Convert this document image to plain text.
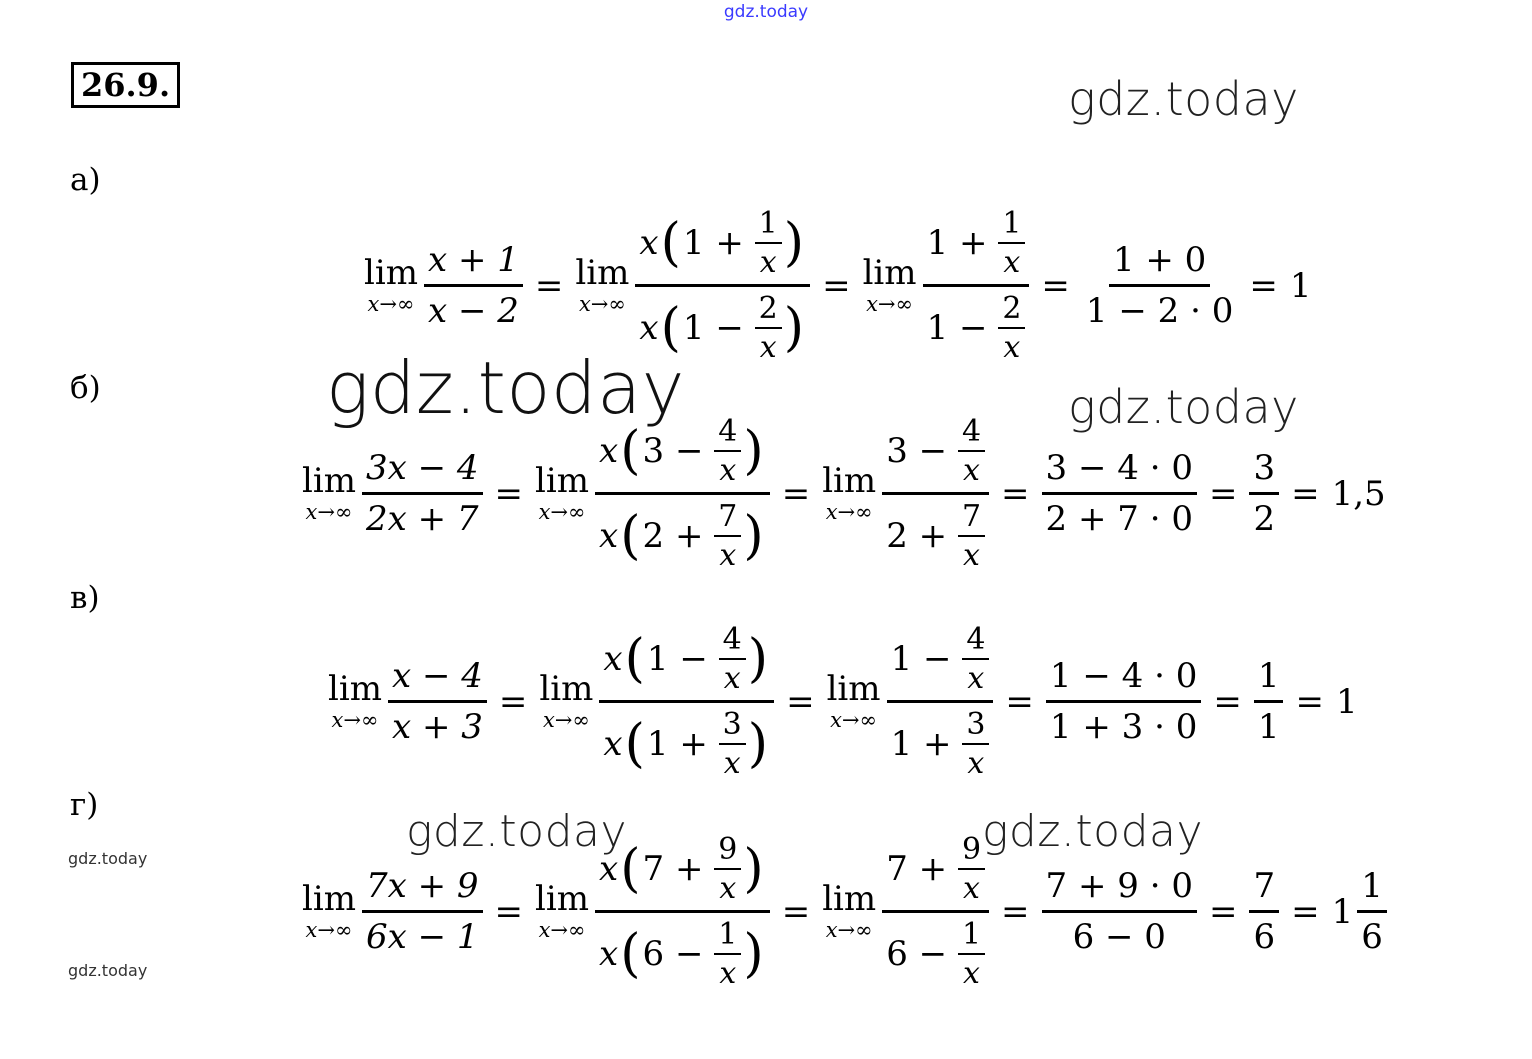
gdz.today
gdz.today
gdz.today	gdz.today
gdz.today	gdz.today
gdz.today
gdz.today
26.9.
а)
б)
в)
г)
lim
$x\to\infty \frac{x + 1}{x - 2} = \lim$
x→∞ x ( 1
+
$\frac{1}{x}$ )
x ( 1
−
$\frac{2}{x}$ ) = lim
x→∞ 1
+
$\frac{1}{x}$
1
−
$\frac{2}{x} = \frac{1 + 0}{1 - 2 \cdot 0} = 1$
lim
$x\to\infty \frac{3x - 4}{2x + 7} = \lim$
x→∞ x ( 3
−
$\frac{4}{x}$ )
x ( 2
+
$\frac{7}{x}$ ) = lim
x→∞ 3
−
$\frac{4}{x}$
2
+
$\frac{7}{x} = \frac{3 - 4 \cdot 0}{2 + 7 \cdot 0} = \frac{3}{2} = 1,5$
lim
$x\to\infty \frac{x - 4}{x + 3} = \lim$
x→∞ x ( 1
−
$\frac{4}{x}$ )
x ( 1
+
$\frac{3}{x}$ ) = lim
x→∞ 1
−
$\frac{4}{x}$
1
+
$\frac{3}{x} = \frac{1 - 4 \cdot 0}{1 + 3 \cdot 0} = \frac{1}{1} = 1$
lim
$x\to\infty \frac{7x + 9}{6x - 1} = \lim$
x→∞ x ( 7
+
$\frac{9}{x}$ )
x ( 6
−
$\frac{1}{x}$ ) = lim
x→∞ 7
+
$\frac{9}{x}$
6
−
$\frac{1}{x} = \frac{7 + 9 \cdot 0}{6 - 0} = \frac{7}{6} = 1 \frac{1}{6}$
